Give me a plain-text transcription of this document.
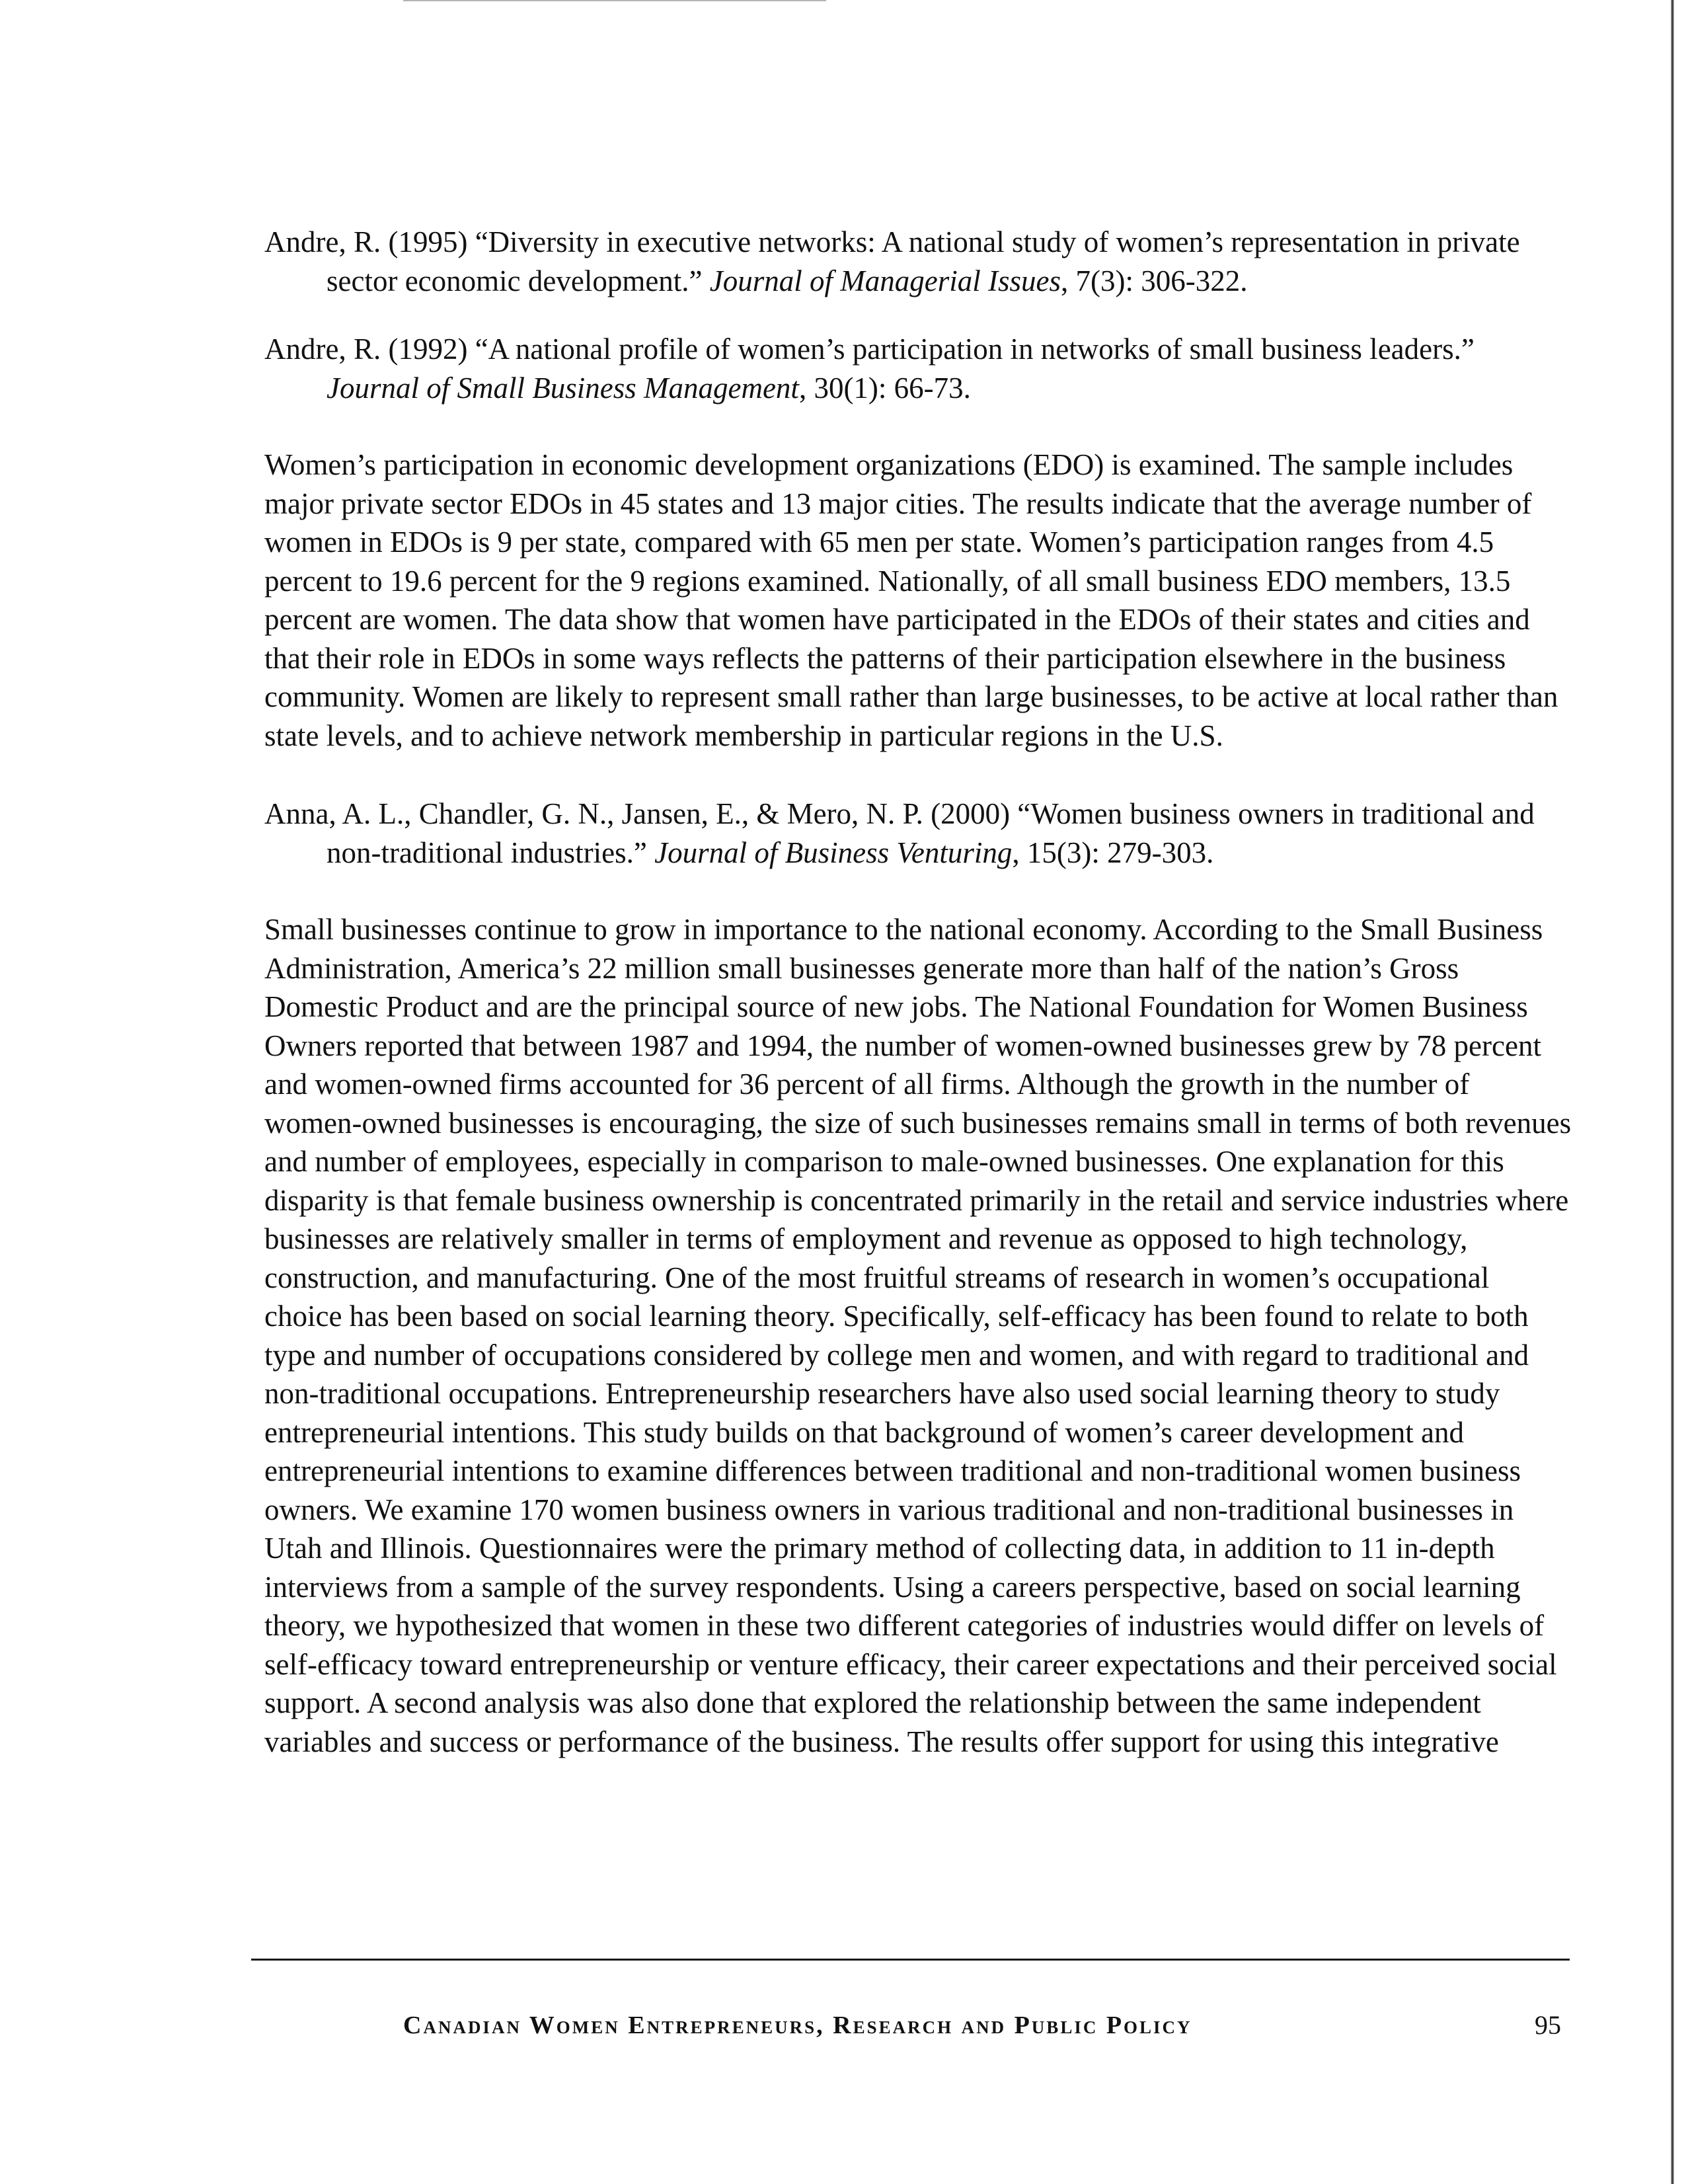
Andre, R. (1995) “Diversity in executive networks: A national study of women’s representation in private sector economic development.” Journal of Managerial Issues, 7(3): 306-322.

Andre, R. (1992) “A national profile of women’s participation in networks of small business leaders.” Journal of Small Business Management, 30(1): 66-73.

Women’s participation in economic development organizations (EDO) is examined. The sample includes major private sector EDOs in 45 states and 13 major cities. The results indicate that the average number of women in EDOs is 9 per state, compared with 65 men per state. Women’s participation ranges from 4.5 percent to 19.6 percent for the 9 regions examined. Nationally, of all small business EDO members, 13.5 percent are women. The data show that women have participated in the EDOs of their states and cities and that their role in EDOs in some ways reflects the patterns of their participation elsewhere in the business community. Women are likely to represent small rather than large businesses, to be active at local rather than state levels, and to achieve network membership in particular regions in the U.S.

Anna, A. L., Chandler, G. N., Jansen, E., & Mero, N. P. (2000) “Women business owners in traditional and non-traditional industries.” Journal of Business Venturing, 15(3): 279-303.

Small businesses continue to grow in importance to the national economy. According to the Small Business Administration, America’s 22 million small businesses generate more than half of the nation’s Gross Domestic Product and are the principal source of new jobs. The National Foundation for Women Business Owners reported that between 1987 and 1994, the number of women-owned businesses grew by 78 percent and women-owned firms accounted for 36 percent of all firms. Although the growth in the number of women-owned businesses is encouraging, the size of such businesses remains small in terms of both revenues and number of employees, especially in comparison to male-owned businesses. One explanation for this disparity is that female business ownership is concentrated primarily in the retail and service industries where businesses are relatively smaller in terms of employment and revenue as opposed to high technology, construction, and manufacturing. One of the most fruitful streams of research in women’s occupational choice has been based on social learning theory. Specifically, self-efficacy has been found to relate to both type and number of occupations considered by college men and women, and with regard to traditional and non-traditional occupations. Entrepreneurship researchers have also used social learning theory to study entrepreneurial intentions. This study builds on that background of women’s career development and entrepreneurial intentions to examine differences between traditional and non-traditional women business owners. We examine 170 women business owners in various traditional and non-traditional businesses in Utah and Illinois. Questionnaires were the primary method of collecting data, in addition to 11 in-depth interviews from a sample of the survey respondents. Using a careers perspective, based on social learning theory, we hypothesized that women in these two different categories of industries would differ on levels of self-efficacy toward entrepreneurship or venture efficacy, their career expectations and their perceived social support. A second analysis was also done that explored the relationship between the same independent variables and success or performance of the business. The results offer support for using this integrative

Canadian Women Entrepreneurs, Research and Public Policy	95
